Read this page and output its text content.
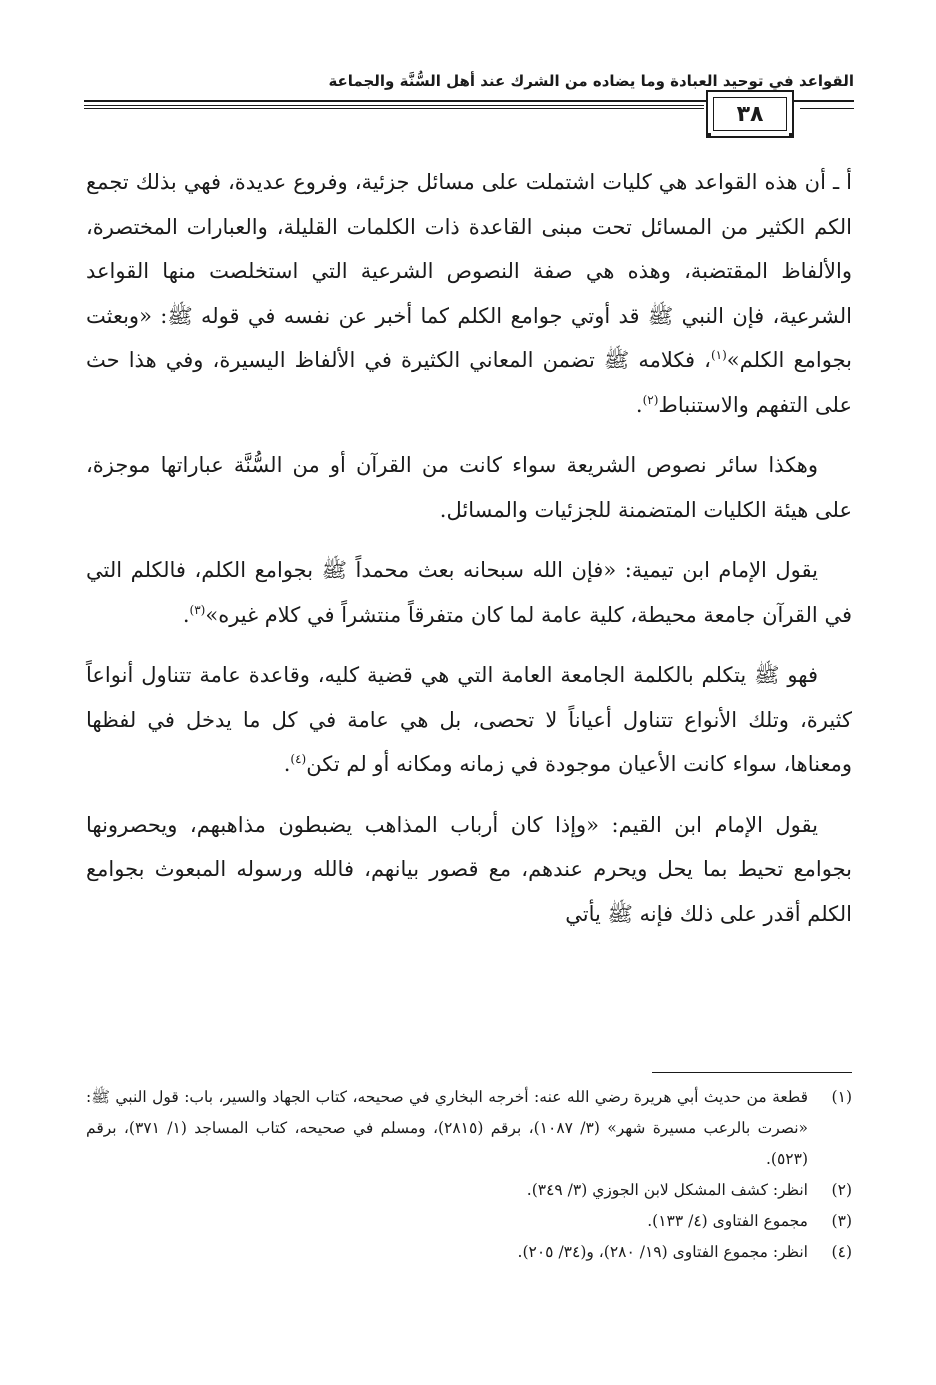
القواعد في توحيد العبادة وما يضاده من الشرك عند أهل السُّنَّة والجماعة
٣٨

أ ـ أن هذه القواعد هي كليات اشتملت على مسائل جزئية، وفروع عديدة، فهي بذلك تجمع الكم الكثير من المسائل تحت مبنى القاعدة ذات الكلمات القليلة، والعبارات المختصرة، والألفاظ المقتضبة، وهذه هي صفة النصوص الشرعية التي استخلصت منها القواعد الشرعية، فإن النبي ﷺ قد أوتي جوامع الكلم كما أخبر عن نفسه في قوله ﷺ: «وبعثت بجوامع الكلم»$^{(١)}$، فكلامه ﷺ تضمن المعاني الكثيرة في الألفاظ اليسيرة، وفي هذا حث على التفهم والاستنباط$^{(٢)}$.

وهكذا سائر نصوص الشريعة سواء كانت من القرآن أو من السُّنَّة عباراتها موجزة، على هيئة الكليات المتضمنة للجزئيات والمسائل.

يقول الإمام ابن تيمية: «فإن الله سبحانه بعث محمداً ﷺ بجوامع الكلم، فالكلم التي في القرآن جامعة محيطة، كلية عامة لما كان متفرقاً منتشراً في كلام غيره»$^{(٣)}$.

فهو ﷺ يتكلم بالكلمة الجامعة العامة التي هي قضية كليه، وقاعدة عامة تتناول أنواعاً كثيرة، وتلك الأنواع تتناول أعياناً لا تحصى، بل هي عامة في كل ما يدخل في لفظها ومعناها، سواء كانت الأعيان موجودة في زمانه ومكانه أو لم تكن$^{(٤)}$.

يقول الإمام ابن القيم: «وإذا كان أرباب المذاهب يضبطون مذاهبهم، ويحصرونها بجوامع تحيط بما يحل ويحرم عندهم، مع قصور بيانهم، فالله ورسوله المبعوث بجوامع الكلم أقدر على ذلك فإنه ﷺ يأتي

(١)
قطعة من حديث أبي هريرة رضي الله عنه: أخرجه البخاري في صحيحه، كتاب الجهاد والسير، باب: قول النبي ﷺ: «نصرت بالرعب مسيرة شهر» (٣/ ١٠٨٧)، برقم (٢٨١٥)، ومسلم في صحيحه، كتاب المساجد (١/ ٣٧١)، برقم (٥٢٣).
(٢)
انظر: كشف المشكل لابن الجوزي (٣/ ٣٤٩).
(٣)
مجموع الفتاوى (٤/ ١٣٣).
(٤)
انظر: مجموع الفتاوى (١٩/ ٢٨٠)، و(٣٤/ ٢٠٥).
